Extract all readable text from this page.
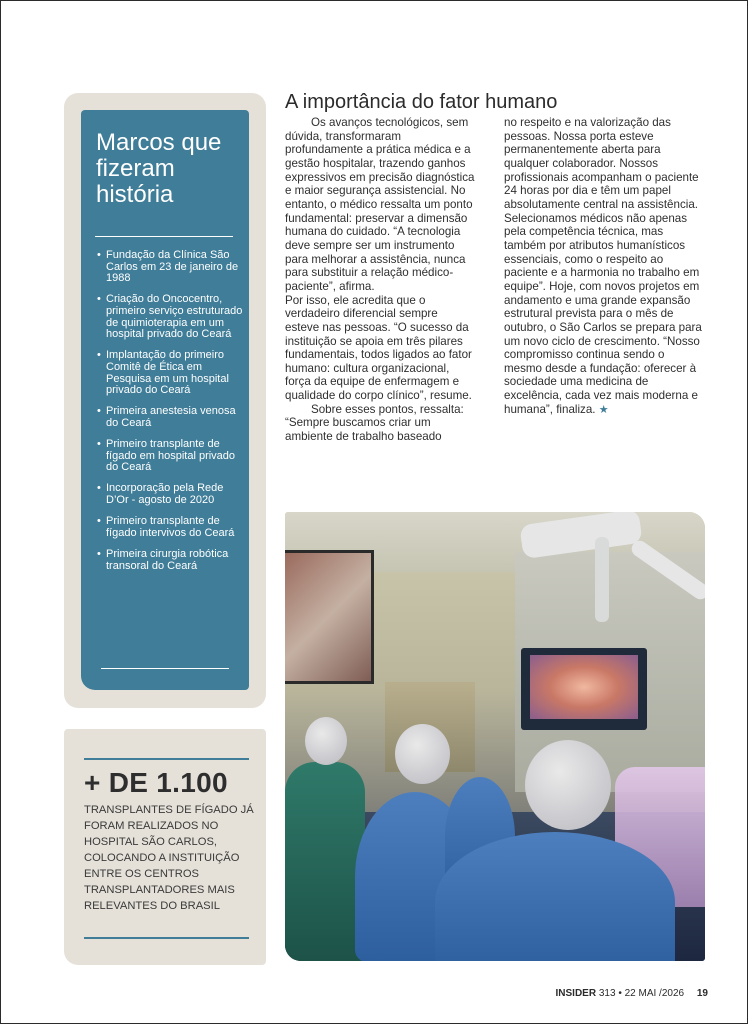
Marcos que fizeram história
• Fundação da Clínica São Carlos em 23 de janeiro de 1988
• Criação do Oncocentro, primeiro serviço estruturado de quimioterapia em um hospital privado do Ceará
• Implantação do primeiro Comitê de Ética em Pesquisa em um hospital privado do Ceará
• Primeira anestesia venosa do Ceará
• Primeiro transplante de fígado em hospital privado do Ceará
• Incorporação pela Rede D’Or - agosto de 2020
• Primeiro transplante de fígado intervivos do Ceará
• Primeira cirurgia robótica transoral do Ceará
+ DE 1.100
TRANSPLANTES DE FÍGADO JÁ FORAM REALIZADOS NO HOSPITAL SÃO CARLOS, COLOCANDO A INSTITUIÇÃO ENTRE OS CENTROS TRANSPLANTADORES MAIS RELEVANTES DO BRASIL
A importância do fator humano

Os avanços tecnológicos, sem dúvida, transformaram profundamente a prática médica e a gestão hospitalar, trazendo ganhos expressivos em precisão diagnóstica e maior segurança assistencial. No entanto, o médico ressalta um ponto fundamental: preservar a dimensão humana do cuidado. “A tecnologia deve sempre ser um instrumento para melhorar a assistência, nunca para substituir a relação médico-paciente”, afirma.

Por isso, ele acredita que o verdadeiro diferencial sempre esteve nas pessoas. “O sucesso da instituição se apoia em três pilares fundamentais, todos ligados ao fator humano: cultura organizacional, força da equipe de enfermagem e qualidade do corpo clínico”, resume.

Sobre esses pontos, ressalta: “Sempre buscamos criar um ambiente de trabalho baseado

no respeito e na valorização das pessoas. Nossa porta esteve permanentemente aberta para qualquer colaborador. Nossos profissionais acompanham o paciente 24 horas por dia e têm um papel absolutamente central na assistência. Selecionamos médicos não apenas pela competência técnica, mas também por atributos humanísticos essenciais, como o respeito ao paciente e a harmonia no trabalho em equipe”. Hoje, com novos projetos em andamento e uma grande expansão estrutural prevista para o mês de outubro, o São Carlos se prepara para um novo ciclo de crescimento. “Nosso compromisso continua sendo o mesmo desde a fundação: oferecer à sociedade uma medicina de excelência, cada vez mais moderna e humana”, finaliza. ★

INSIDER 313 • 22 MAI /2026 19
